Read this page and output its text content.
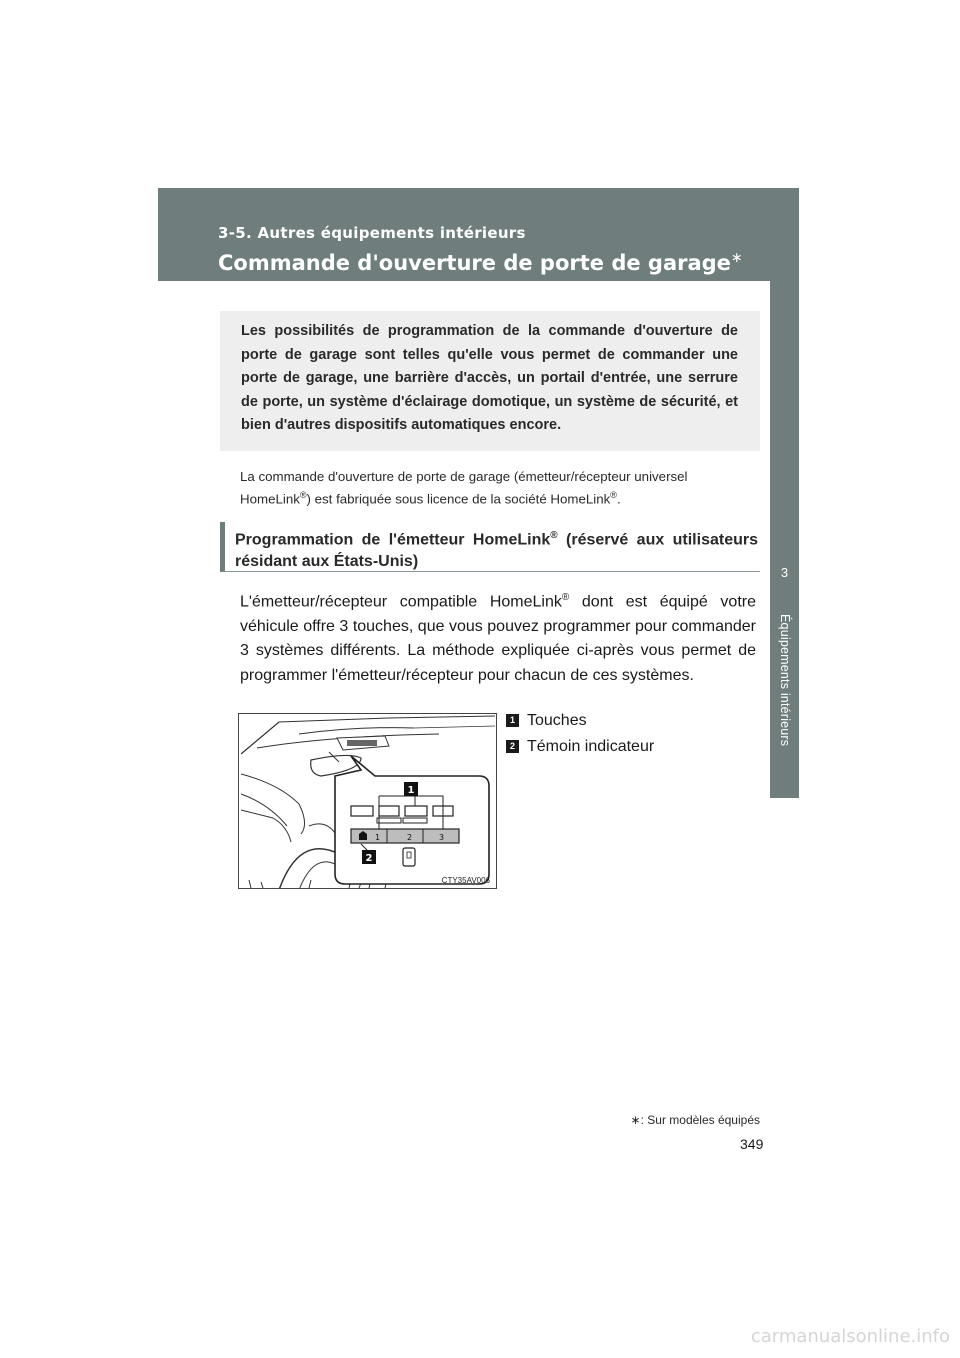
3-5. Autres équipements intérieurs
Commande d'ouverture de porte de garage∗
3
Équipements intérieurs
Les possibilités de programmation de la commande d'ouverture de porte de garage sont telles qu'elle vous permet de commander une porte de garage, une barrière d'accès, un portail d'entrée, une serrure de porte, un système d'éclairage domotique, un système de sécurité, et bien d'autres dispositifs automatiques encore.
La commande d'ouverture de porte de garage (émetteur/récepteur universel HomeLink®) est fabriquée sous licence de la société HomeLink®.
Programmation de l'émetteur HomeLink® (réservé aux utilisateurs résidant aux États-Unis)
L'émetteur/récepteur compatible HomeLink® dont est équipé votre véhicule offre 3 touches, que vous pouvez programmer pour commander 3 systèmes différents. La méthode expliquée ci-après vous permet de programmer l'émetteur/récepteur pour chacun de ces systèmes.
1	2	3
1
2
CTY35AV006
1 Touches
2 Témoin indicateur
∗: Sur modèles équipés
349
carmanualsonline.info
